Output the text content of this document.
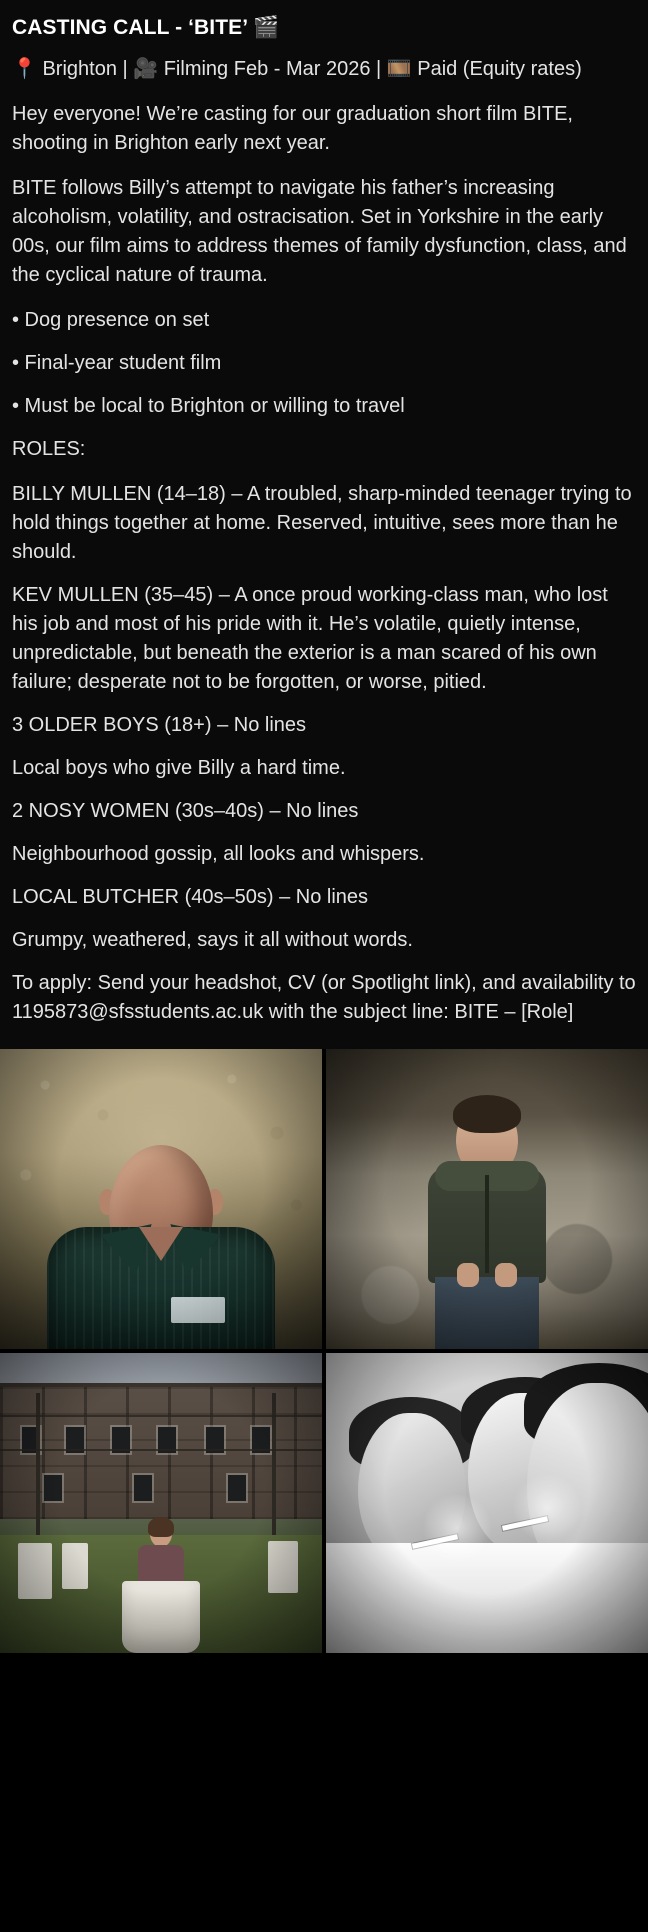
CASTING CALL - ‘BITE’ 🎬

📍 Brighton | 🎥 Filming Feb - Mar 2026 | 🎞️ Paid (Equity rates)

Hey everyone! We’re casting for our graduation short film BITE, shooting in Brighton early next year.

BITE follows Billy’s attempt to navigate his father’s increasing alcoholism, volatility, and ostracisation. Set in Yorkshire in the early 00s, our film aims to address themes of family dysfunction, class, and the cyclical nature of trauma.

• Dog presence on set

• Final-year student film

• Must be local to Brighton or willing to travel

ROLES:

BILLY MULLEN (14–18) – A troubled, sharp-minded teenager trying to hold things together at home. Reserved, intuitive, sees more than he should.

KEV MULLEN (35–45) – A once proud working-class man, who lost his job and most of his pride with it. He’s volatile, quietly intense, unpredictable, but beneath the exterior is a man scared of his own failure; desperate not to be forgotten, or worse, pitied.

3 OLDER BOYS (18+) – No lines

Local boys who give Billy a hard time.

2 NOSY WOMEN (30s–40s) – No lines

Neighbourhood gossip, all looks and whispers.

LOCAL BUTCHER (40s–50s) – No lines

Grumpy, weathered, says it all without words.

To apply: Send your headshot, CV (or Spotlight link), and availability to 1195873@sfsstudents.ac.uk with the subject line: BITE – [Role]
